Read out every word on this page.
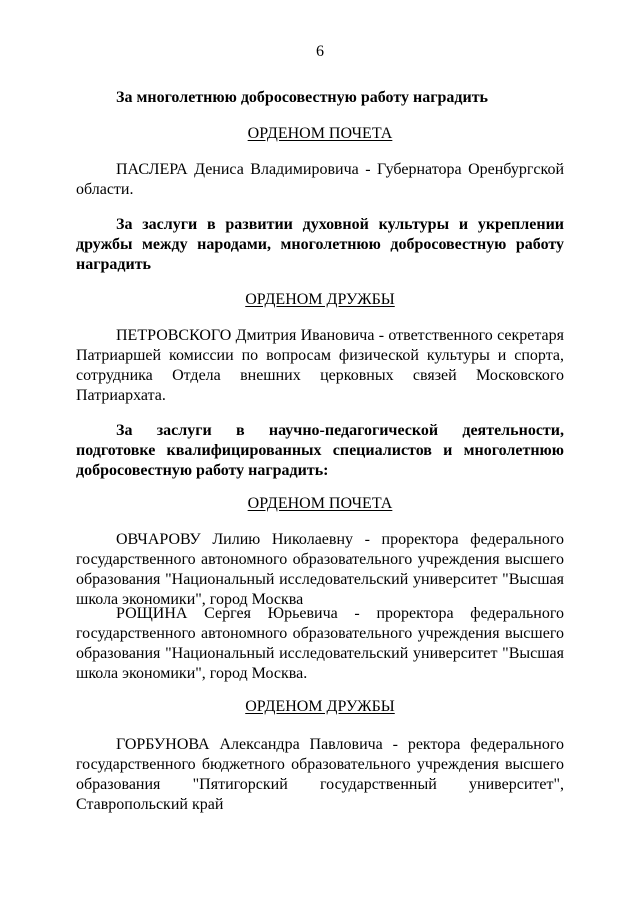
6
За многолетнюю добросовестную работу наградить
ОРДЕНОМ ПОЧЕТА
ПАСЛЕРА Дениса Владимировича - Губернатора Оренбургской области.
За заслуги в развитии духовной культуры и укреплении дружбы между народами, многолетнюю добросовестную работу наградить
ОРДЕНОМ ДРУЖБЫ
ПЕТРОВСКОГО Дмитрия Ивановича - ответственного секретаря Патриаршей комиссии по вопросам физической культуры и спорта, сотрудника Отдела внешних церковных связей Московского Патриархата.
За заслуги в научно-педагогической деятельности, подготовке квалифицированных специалистов и многолетнюю добросовестную работу наградить:
ОРДЕНОМ ПОЧЕТА
ОВЧАРОВУ Лилию Николаевну - проректора федерального государственного автономного образовательного учреждения высшего образования "Национальный исследовательский университет "Высшая школа экономики", город Москва
РОЩИНА Сергея Юрьевича - проректора федерального государственного автономного образовательного учреждения высшего образования "Национальный исследовательский университет "Высшая школа экономики", город Москва.
ОРДЕНОМ ДРУЖБЫ
ГОРБУНОВА Александра Павловича - ректора федерального государственного бюджетного образовательного учреждения высшего образования "Пятигорский государственный университет", Ставропольский край
